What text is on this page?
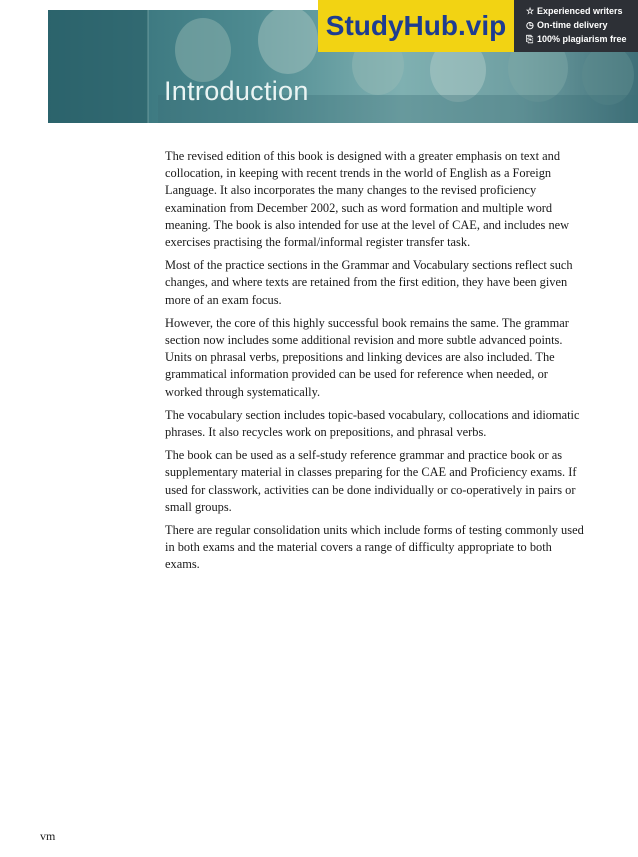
Introduction
StudyHub.vip	☆ Experienced writers
◷ On-time delivery
⎘ 100% plagiarism free

The revised edition of this book is designed with a greater emphasis on text and collocation, in keeping with recent trends in the world of English as a Foreign Language. It also incorporates the many changes to the revised proficiency examination from December 2002, such as word formation and multiple word meaning. The book is also intended for use at the level of CAE, and includes new exercises practising the formal/informal register transfer task.

Most of the practice sections in the Grammar and Vocabulary sections reflect such changes, and where texts are retained from the first edition, they have been given more of an exam focus.

However, the core of this highly successful book remains the same. The grammar section now includes some additional revision and more subtle advanced points. Units on phrasal verbs, prepositions and linking devices are also included. The grammatical information provided can be used for reference when needed, or worked through systematically.

The vocabulary section includes topic-based vocabulary, collocations and idiomatic phrases. It also recycles work on prepositions, and phrasal verbs.

The book can be used as a self-study reference grammar and practice book or as supplementary material in classes preparing for the CAE and Proficiency exams. If used for classwork, activities can be done individually or co-operatively in pairs or small groups.

There are regular consolidation units which include forms of testing commonly used in both exams and the material covers a range of difficulty appropriate to both exams.

vm
